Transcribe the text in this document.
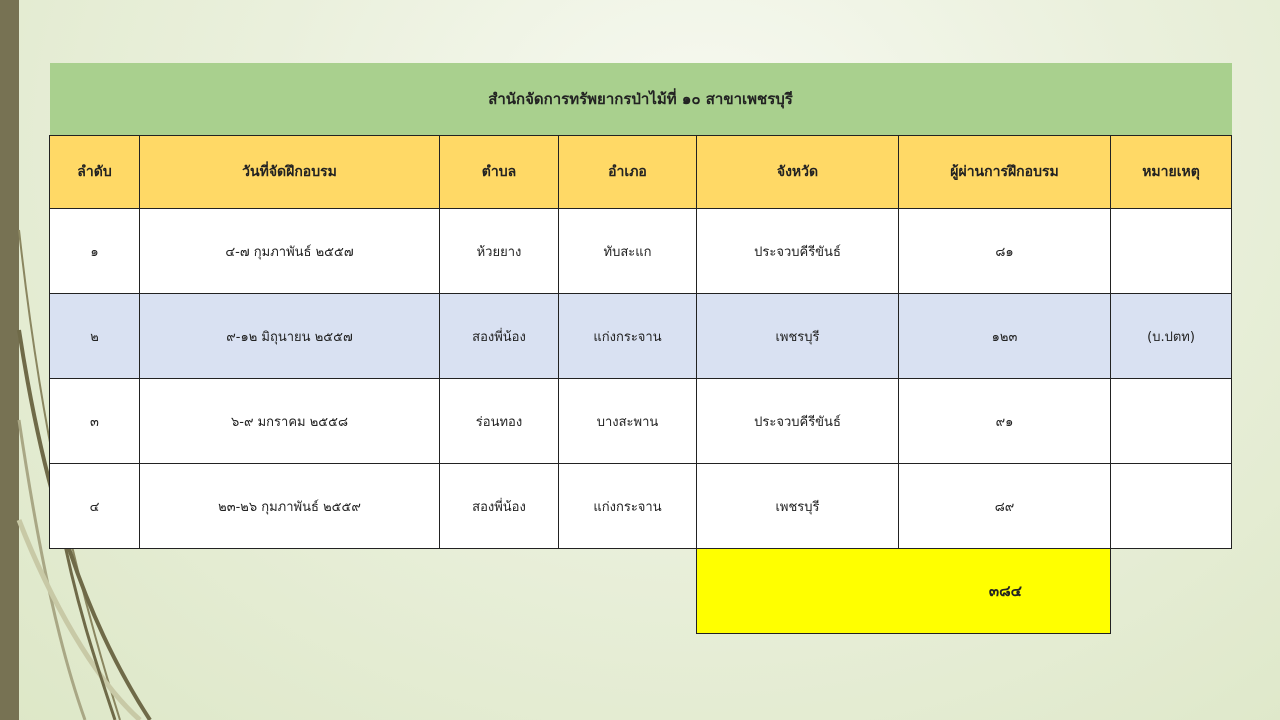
สำนักจัดการทรัพยากรป่าไม้ที่ ๑๐ สาขาเพชรบุรี						
ลำดับ	วันที่จัดฝึกอบรม	ตำบล	อำเภอ	จังหวัด	ผู้ผ่านการฝึกอบรม	หมายเหตุ
๑	๔-๗ กุมภาพันธ์ ๒๕๕๗	ห้วยยาง	ทับสะแก	ประจวบคีรีขันธ์	๘๑	
๒	๙-๑๒ มิถุนายน ๒๕๕๗	สองพี่น้อง	แก่งกระจาน	เพชรบุรี	๑๒๓	(บ.ปตท)
๓	๖-๙ มกราคม ๒๕๕๘	ร่อนทอง	บางสะพาน	ประจวบคีรีขันธ์	๙๑	
๔	๒๓-๒๖ กุมภาพันธ์ ๒๕๕๙	สองพี่น้อง	แก่งกระจาน	เพชรบุรี	๘๙	
				๓๘๔		
